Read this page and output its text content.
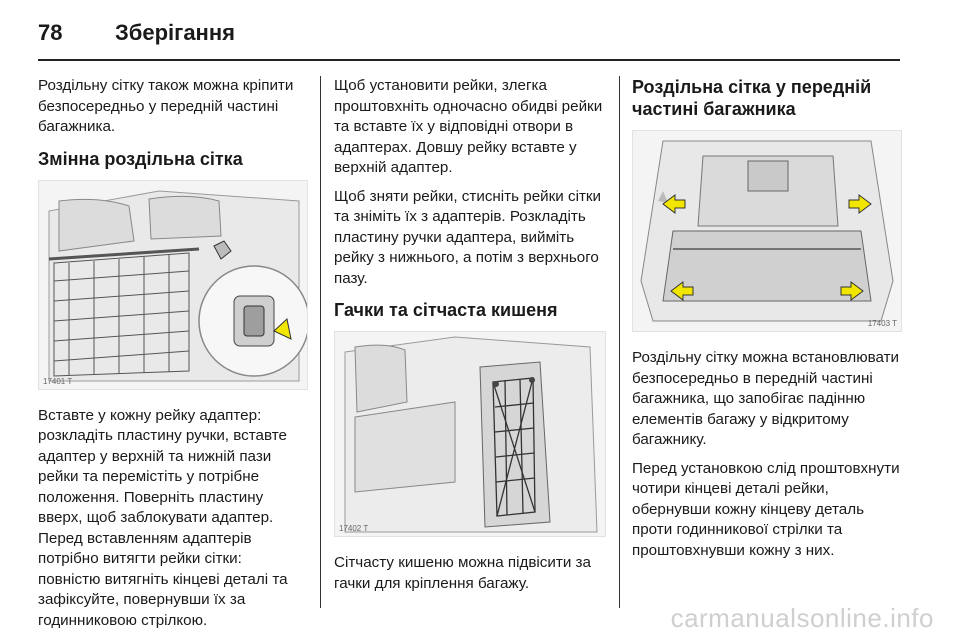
78 Зберігання

Роздільну сітку також можна кріпити безпосередньо у передній частині багажника.

Змінна роздільна сітка
17401 T

Вставте у кожну рейку адаптер: розкладіть пластину ручки, вставте адаптер у верхній та нижній пази рейки та перемістіть у потрібне положення. Поверніть пластину вверх, щоб заблокувати адаптер. Перед вставленням адаптерів потрібно витягти рейки сітки: повністю витягніть кінцеві деталі та зафіксуйте, повернувши їх за годинниковою стрілкою.

Щоб установити рейки, злегка проштовхніть одночасно обидві рейки та вставте їх у відповідні отвори в адаптерах. Довшу рейку вставте у верхній адаптер.

Щоб зняти рейки, стисніть рейки сітки та зніміть їх з адаптерів. Розкладіть пластину ручки адаптера, вийміть рейку з нижнього, а потім з верхнього пазу.

Гачки та сітчаста кишеня
17402 T

Сітчасту кишеню можна підвісити за гачки для кріплення багажу.

Роздільна сітка у передній частині багажника
17403 T

Роздільну сітку можна встановлювати безпосередньо в передній частині багажника, що запобігає падінню елементів багажу у відкритому багажнику.

Перед установкою слід проштовхнути чотири кінцеві деталі рейки, обернувши кожну кінцеву деталь проти годинникової стрілки та проштовхнувши кожну з них.

carmanualsonline.info
